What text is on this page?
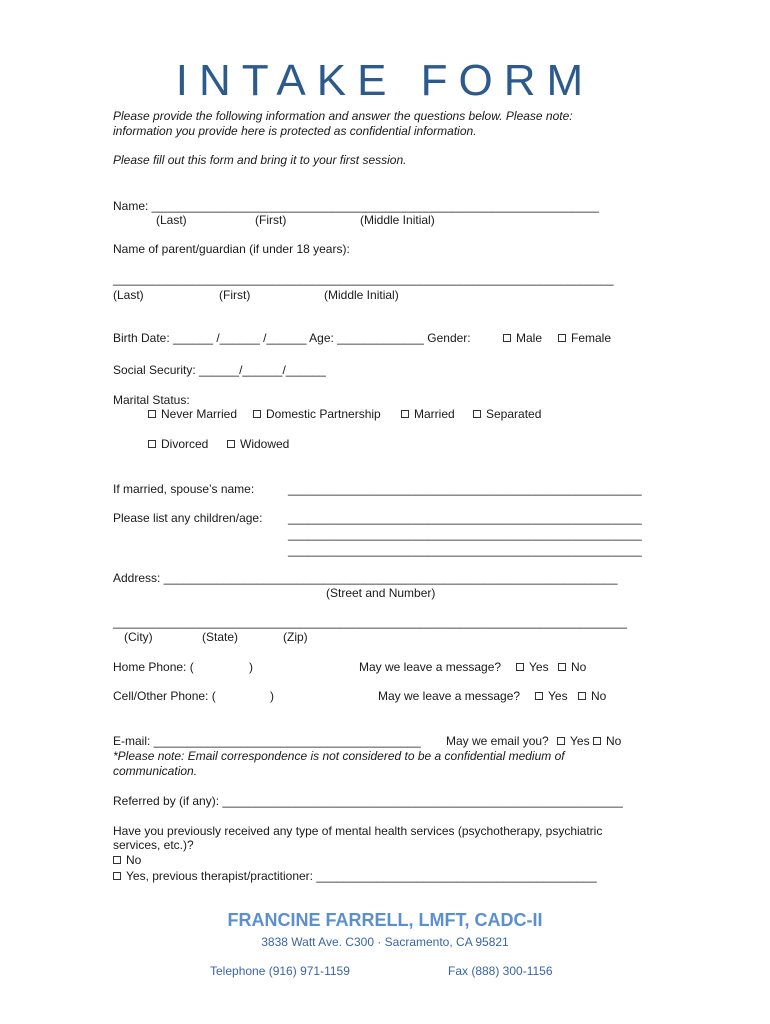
INTAKE FORM
Please provide the following information and answer the questions below. Please note:
information you provide here is protected as confidential information.
Please fill out this form and bring it to your first session.
Name: ___________________________________________________________________
(Last)	(First)	(Middle Initial)
Name of parent/guardian (if under 18 years):
___________________________________________________________________________
(Last)	(First)	(Middle Initial)
Birth Date: ______ /______ /______ Age: _____________ Gender:	Male	Female
Social Security: ______/______/______
Marital Status:
Never Married	Domestic Partnership	Married	Separated
Divorced	Widowed
If married, spouse’s name:	_____________________________________________________
Please list any children/age: _____________________________________________________
_____________________________________________________
_____________________________________________________
Address: ____________________________________________________________________
(Street and Number)
_____________________________________________________________________________
(City)	(State)	(Zip)
Home Phone: (	)	May we leave a message?	Yes	No
Cell/Other Phone: (	)	May we leave a message?	Yes	No
E-mail: ________________________________________ May we email you?	Yes	No
*Please note: Email correspondence is not considered to be a confidential medium of
communication.
Referred by (if any): ____________________________________________________________
Have you previously received any type of mental health services (psychotherapy, psychiatric
services, etc.)?
No
Yes, previous therapist/practitioner: __________________________________________
FRANCINE FARRELL, LMFT, CADC-II
3838 Watt Ave. C300 · Sacramento, CA 95821
Telephone (916) 971-1159	Fax (888) 300-1156
